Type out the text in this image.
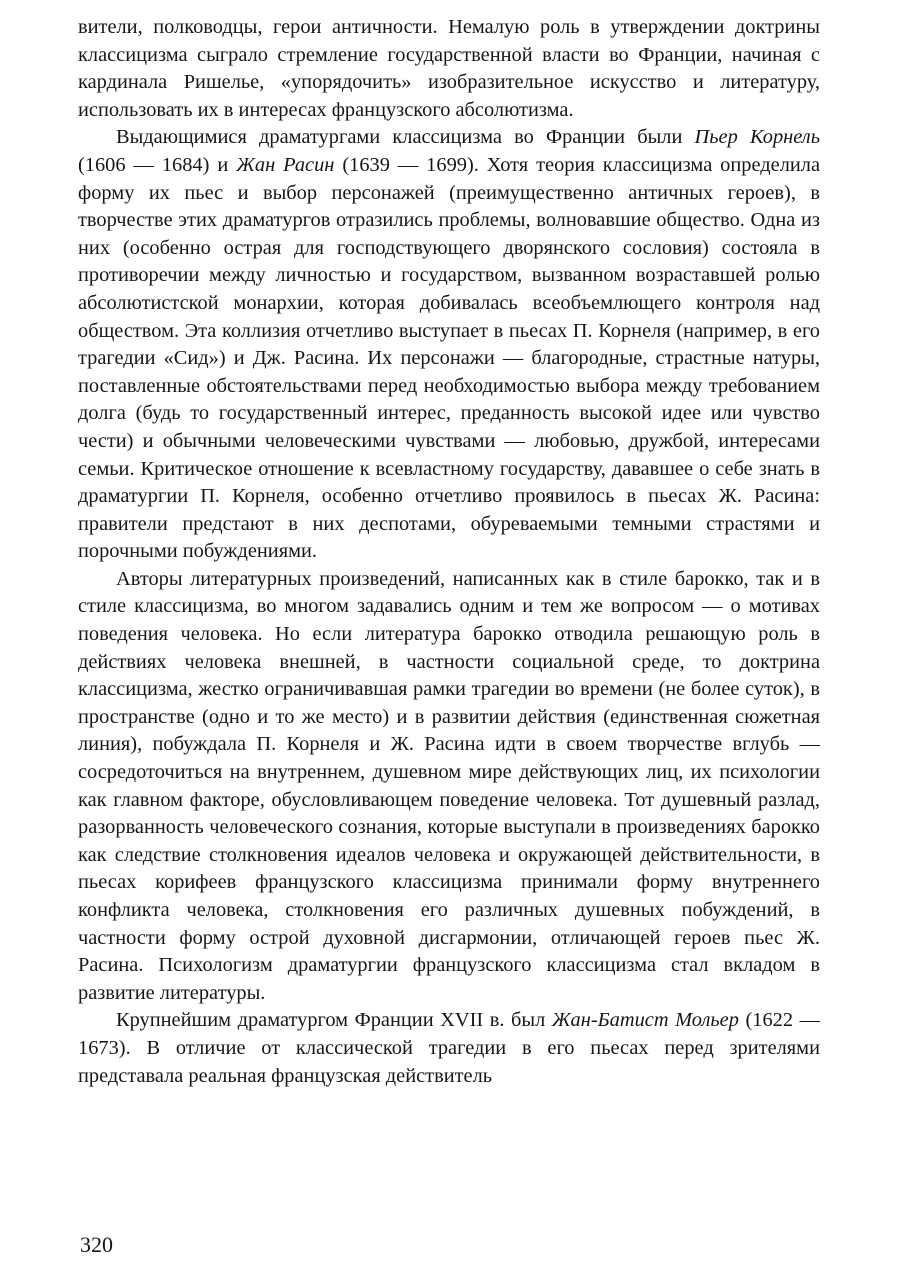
вители, полководцы, герои античности. Немалую роль в утверждении доктрины классицизма сыграло стремление государственной власти во Франции, начиная с кардинала Ришелье, «упорядочить» изобразительное искусство и литературу, использовать их в интересах французского абсолютизма.

Выдающимися драматургами классицизма во Франции были Пьер Корнель (1606 — 1684) и Жан Расин (1639 — 1699). Хотя теория классицизма определила форму их пьес и выбор персонажей (преимущественно античных героев), в творчестве этих драматургов отразились проблемы, волновавшие общество. Одна из них (особенно острая для господствующего дворянского сословия) состояла в противоречии между личностью и государством, вызванном возраставшей ролью абсолютистской монархии, которая добивалась всеобъемлющего контроля над обществом. Эта коллизия отчетливо выступает в пьесах П. Корнеля (например, в его трагедии «Сид») и Дж. Расина. Их персонажи — благородные, страстные натуры, поставленные обстоятельствами перед необходимостью выбора между требованием долга (будь то государственный интерес, преданность высокой идее или чувство чести) и обычными человеческими чувствами — любовью, дружбой, интересами семьи. Критическое отношение к всевластному государству, дававшее о себе знать в драматургии П. Корнеля, особенно отчетливо проявилось в пьесах Ж. Расина: правители предстают в них деспотами, обуреваемыми темными страстями и порочными побуждениями.

Авторы литературных произведений, написанных как в стиле барокко, так и в стиле классицизма, во многом задавались одним и тем же вопросом — о мотивах поведения человека. Но если литература барокко отводила решающую роль в действиях человека внешней, в частности социальной среде, то доктрина классицизма, жестко ограничивавшая рамки трагедии во времени (не более суток), в пространстве (одно и то же место) и в развитии действия (единственная сюжетная линия), побуждала П. Корнеля и Ж. Расина идти в своем творчестве вглубь — сосредоточиться на внутреннем, душевном мире действующих лиц, их психологии как главном факторе, обусловливающем поведение человека. Тот душевный разлад, разорванность человеческого сознания, которые выступали в произведениях барокко как следствие столкновения идеалов человека и окружающей действительности, в пьесах корифеев французского классицизма принимали форму внутреннего конфликта человека, столкновения его различных душевных побуждений, в частности форму острой духовной дисгармонии, отличающей героев пьес Ж. Расина. Психологизм драматургии французского классицизма стал вкладом в развитие литературы.

Крупнейшим драматургом Франции XVII в. был Жан-Батист Мольер (1622 — 1673). В отличие от классической трагедии в его пьесах перед зрителями представала реальная французская действитель

320
